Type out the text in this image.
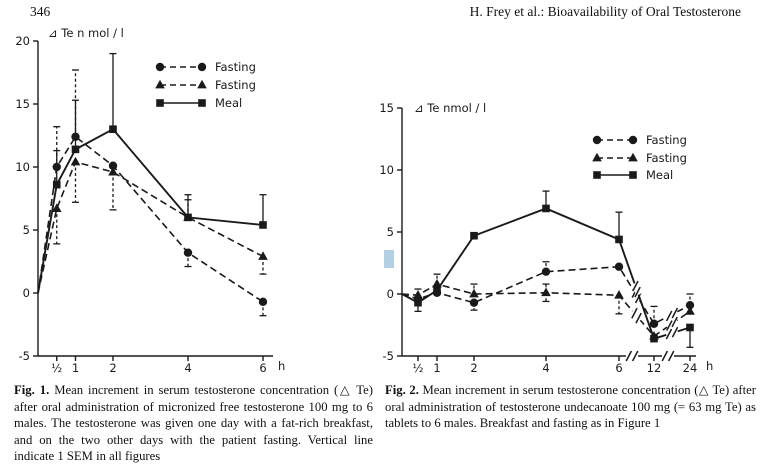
346	H. Frey et al.: Bioavailability of Oral Testosterone
20
15
10
5
0
-5
½ 1	2	4	6
⊿ Te n mol / l
h
Fasting
Fasting
Meal	15
10
5
0
-5
½ 1	2	4	6 12 24
⊿ Te nmol / l
h
Fasting
Fasting
Meal

Fig. 1. Mean increment in serum testosterone concentration (△ Te) after oral administration of micronized free testosterone 100 mg to 6 males. The testosterone was given one day with a fat-rich breakfast, and on the two other days with the patient fasting. Vertical line indicate 1 SEM in all figures

Fig. 2. Mean increment in serum testosterone concentration (△ Te) after oral administration of testosterone undecanoate 100 mg (= 63 mg Te) as tablets to 6 males. Breakfast and fasting as in Figure 1
